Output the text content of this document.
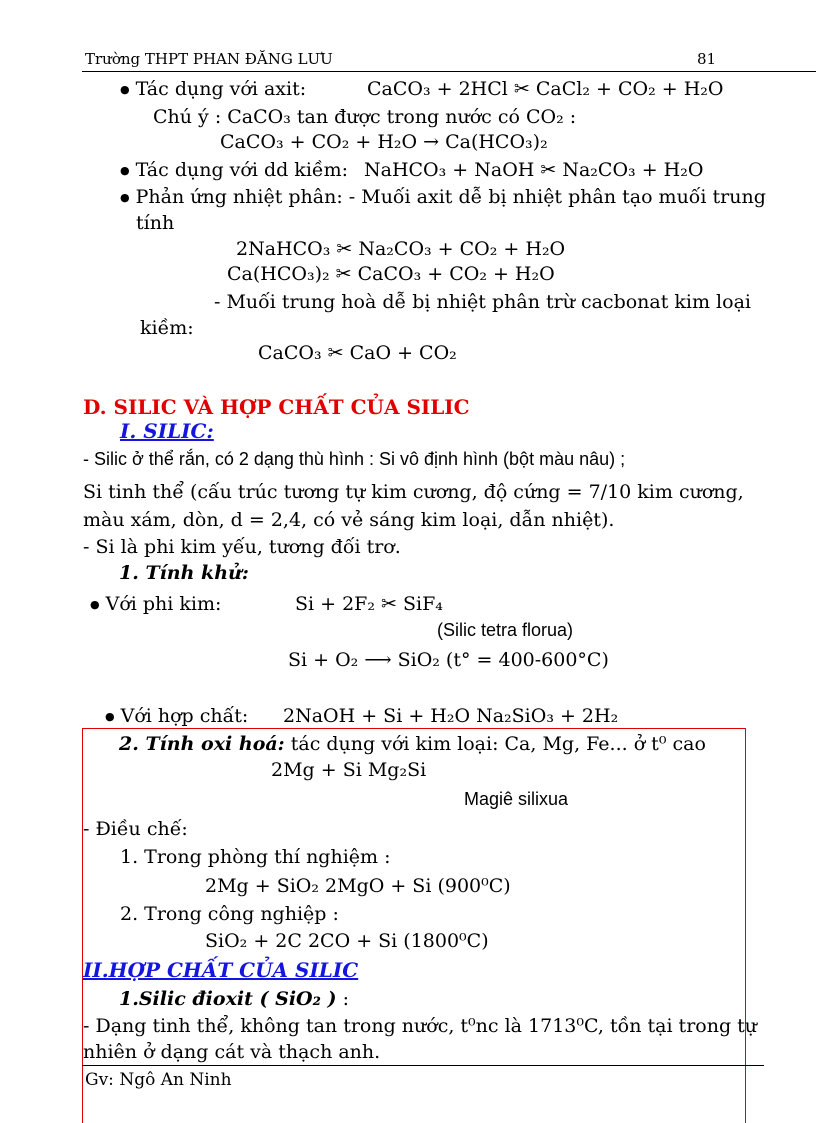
Trường THPT PHAN ĐĂNG LƯU	81
● Tác dụng với axit:	CaCO₃ + 2HCl ✂ CaCl₂ + CO₂ + H₂O
Chú ý : CaCO₃ tan được trong nước có CO₂ :
CaCO₃ + CO₂ + H₂O → Ca(HCO₃)₂
● Tác dụng với dd kiềm: NaHCO₃ + NaOH ✂ Na₂CO₃ + H₂O
● Phản ứng nhiệt phân: - Muối axit dễ bị nhiệt phân tạo muối trung
tính
2NaHCO₃ ✂ Na₂CO₃ + CO₂ + H₂O
Ca(HCO₃)₂ ✂ CaCO₃ + CO₂ + H₂O
- Muối trung hoà dễ bị nhiệt phân trừ cacbonat kim loại
kiềm:
CaCO₃ ✂ CaO + CO₂
D. SILIC VÀ HỢP CHẤT CỦA SILIC
I. SILIC:
- Silic ở thể rắn, có 2 dạng thù hình : Si vô định hình (bột màu nâu) ;
Si tinh thể (cấu trúc tương tự kim cương, độ cứng = 7/10 kim cương,
màu xám, dòn, d = 2,4, có vẻ sáng kim loại, dẫn nhiệt).
- Si là phi kim yếu, tương đối trơ.
1. Tính khử:
● Với phi kim:	Si + 2F₂ ✂ SiF₄
(Silic tetra florua)
Si + O₂ ⟶ SiO₂ (t° = 400-600°C)
● Với hợp chất: 2NaOH + Si + H₂O Na₂SiO₃ + 2H₂
2. Tính oxi hoá: tác dụng với kim loại: Ca, Mg, Fe... ở t⁰ cao
2Mg + Si Mg₂Si
Magiê silixua
- Điều chế:
1. Trong phòng thí nghiệm :
2Mg + SiO₂ 2MgO + Si (900⁰C)
2. Trong công nghiệp :
SiO₂ + 2C 2CO + Si (1800⁰C)
II.HỢP CHẤT CỦA SILIC
1.Silic đioxit ( SiO₂ ) :
- Dạng tinh thể, không tan trong nước, t⁰nc là 1713⁰C, tồn tại trong tự
nhiên ở dạng cát và thạch anh.
Gv: Ngô An Ninh
